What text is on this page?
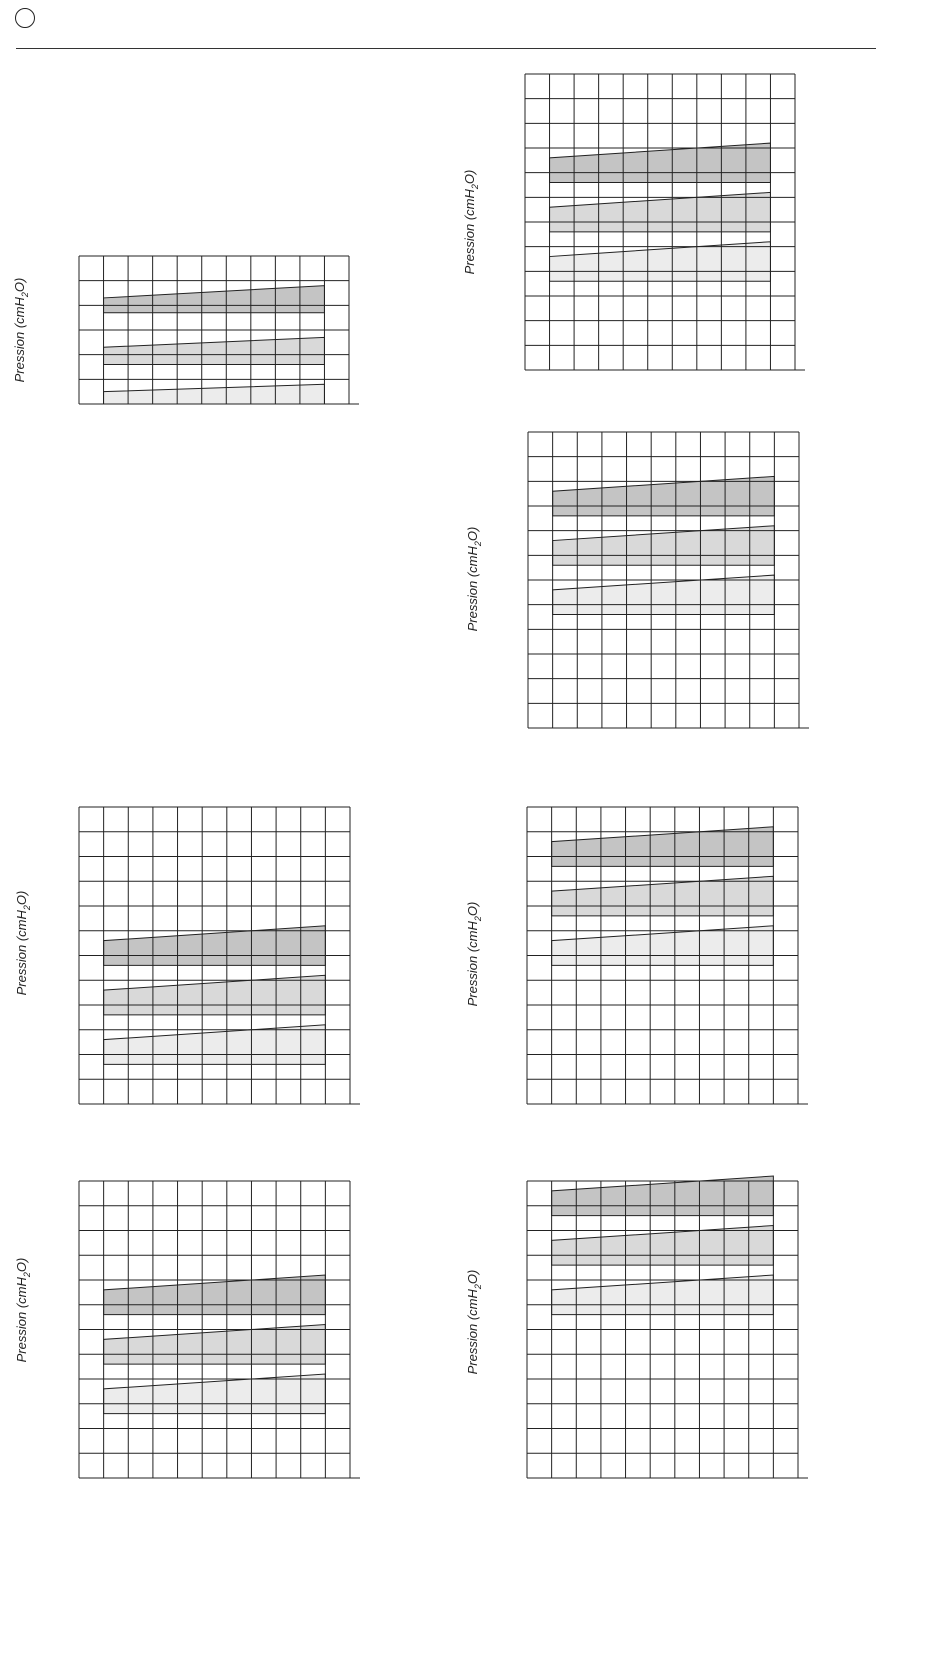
Pression (cmH$_2$O)
Pression (cmH$_2$O)
Pression (cmH$_2$O)
Pression (cmH$_2$O)
Pression (cmH$_2$O)
Pression (cmH$_2$O)
Pression (cmH$_2$O)
